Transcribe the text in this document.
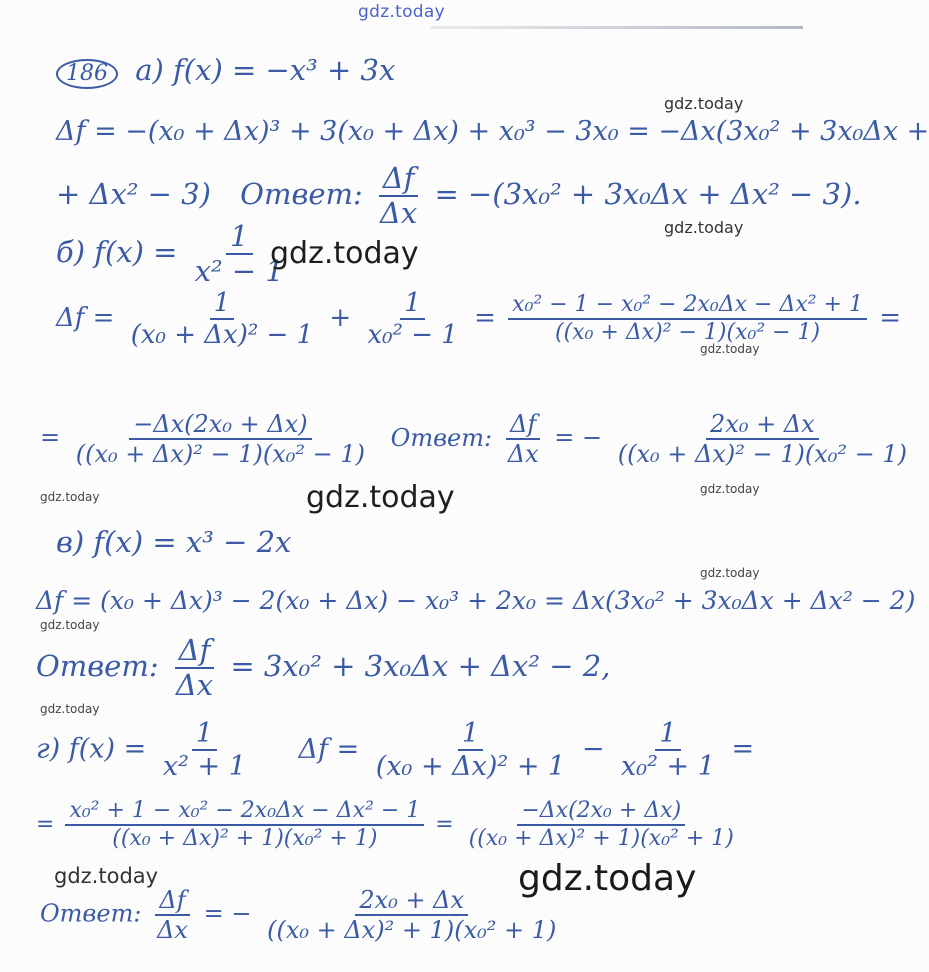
gdz.today
186 a) f(x) = −x³ + 3x
Δf = −(x₀ + Δx)³ + 3(x₀ + Δx) + x₀³ − 3x₀ = −Δx(3x₀² + 3x₀Δx +
+ Δx² − 3) Ответ: $\frac{\Delta f}{\Delta x} = -(3x_0^2 + 3x_0\Delta x + \Delta x^2 - 3)$.
б) $f(x) = \frac{1}{\text{x² − 1}}$
$\Delta f = \frac{1}{\text{(x₀ + Δx)² − 1}} + \frac{1}{\text{x₀² − 1}} = \frac{\text{x₀² − 1 − x₀² − 2x₀Δx − Δx² + 1}}{\text{((x₀ + Δx)² − 1)(x₀² − 1)}}$ =
= $\frac{\text{−Δx(2x₀ + Δx)}}{\text{((x₀ + Δx)² − 1)(x₀² − 1)}}$ Ответ: $\frac{\Delta f}{\Delta x}$ = − $\frac{\text{2x₀ + Δx}}{\text{((x₀ + Δx)² − 1)(x₀² − 1)}}$
в) f(x) = x³ − 2x
Δf = (x₀ + Δx)³ − 2(x₀ + Δx) − x₀³ + 2x₀ = Δx(3x₀² + 3x₀Δx + Δx² − 2)
Ответ: $\frac{\Delta f}{\Delta x} = 3x_0^2 + 3x_0\Delta x + \Delta x^2 - 2$,
г) $f(x) = \frac{1}{\text{x² + 1}}$ $\Delta f = \frac{1}{\text{(x₀ + Δx)² + 1}} - \frac{1}{\text{x₀² + 1}}$ =
= $\frac{\text{x₀² + 1 − x₀² − 2x₀Δx − Δx² − 1}}{\text{((x₀ + Δx)² + 1)(x₀² + 1)}} = \frac{\text{−Δx(2x₀ + Δx)}}{\text{((x₀ + Δx)² + 1)(x₀² + 1)}}$
Ответ: $\frac{\Delta f}{\Delta x}$ = − $\frac{\text{2x₀ + Δx}}{\text{((x₀ + Δx)² + 1)(x₀² + 1)}}$
gdz.today
gdz.today
gdz.today
gdz.today
gdz.today
gdz.today
gdz.today
gdz.today
gdz.today
gdz.today
gdz.today	gdz.today
